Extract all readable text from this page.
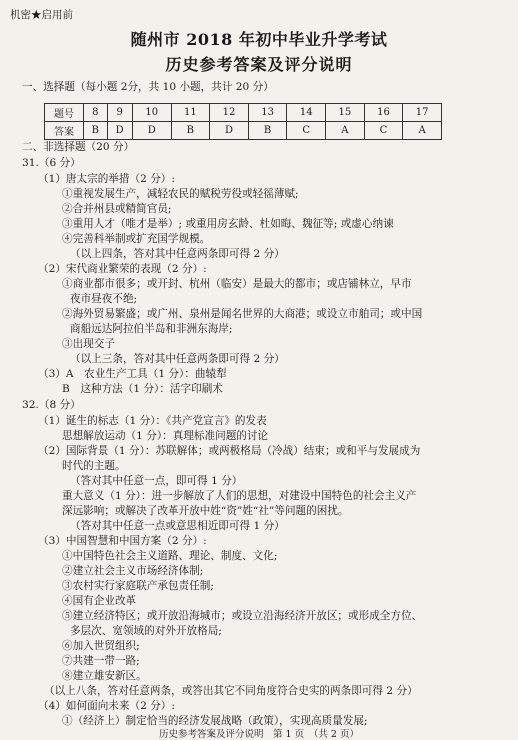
机密★启用前
随州市 2018 年初中毕业升学考试
历史参考答案及评分说明
一、选择题（每小题 2分，共 10 小题，共计 20 分）
题号	8	9	10	11	12	13	14	15	16	17
答案	B	D	D	B	D	B	C	A	C	A
二、非选择题（20 分）
31.（6 分）
（1）唐太宗的举措（2 分）:
①重视发展生产，减轻农民的赋税劳役或轻徭薄赋;
②合并州县或精简官员;
③重用人才（唯才是举）; 或重用房玄龄、杜如晦、魏征等; 或虚心纳谏
④完善科举制或扩充国学规模。
（以上四条，答对其中任意两条即可得 2 分）
（2）宋代商业繁荣的表现（2 分）:
①商业都市很多；或开封、杭州（临安）是最大的都市；或店铺林立，早市
夜市昼夜不绝;
②海外贸易繁盛；或广州、泉州是闻名世界的大商港；或设立市舶司；或中国
商船远达阿拉伯半岛和非洲东海岸;
③出现交子
（以上三条，答对其中任意两条即可得 2 分）
（3）A　农业生产工具（1 分）：曲辕犁
B　这种方法（1 分）：活字印刷术
32.（8 分）
（1）诞生的标志（1 分）：《共产党宣言》的发表
思想解放运动（1 分）：真理标准问题的讨论
（2）国际背景（1 分）：苏联解体；或两极格局（冷战）结束；或和平与发展成为
时代的主题。
（答对其中任意一点，即可得 1 分）
重大意义（1 分）：进一步解放了人们的思想，对建设中国特色的社会主义产
深远影响；或解决了改革开放中姓“资”姓“社”等问题的困扰。
（答对其中任意一点或意思相近即可得 1 分）
（3）中国智慧和中国方案（2 分）:
①中国特色社会主义道路、理论、制度、文化;
②建立社会主义市场经济体制;
③农村实行家庭联产承包责任制;
④国有企业改革
⑤建立经济特区；或开放沿海城市；或设立沿海经济开放区；或形成全方位、
多层次、宽领域的对外开放格局;
⑥加入世贸组织;
⑦共建一带一路;
⑧建立雄安新区。
（以上八条，答对任意两条，或答出其它不同角度符合史实的两条即可得 2 分）
（4）如何面向未来（2 分）:
①（经济上）制定恰当的经济发展战略（政策），实现高质量发展;
历史参考答案及评分说明　第 1 页　（共 2 页）
